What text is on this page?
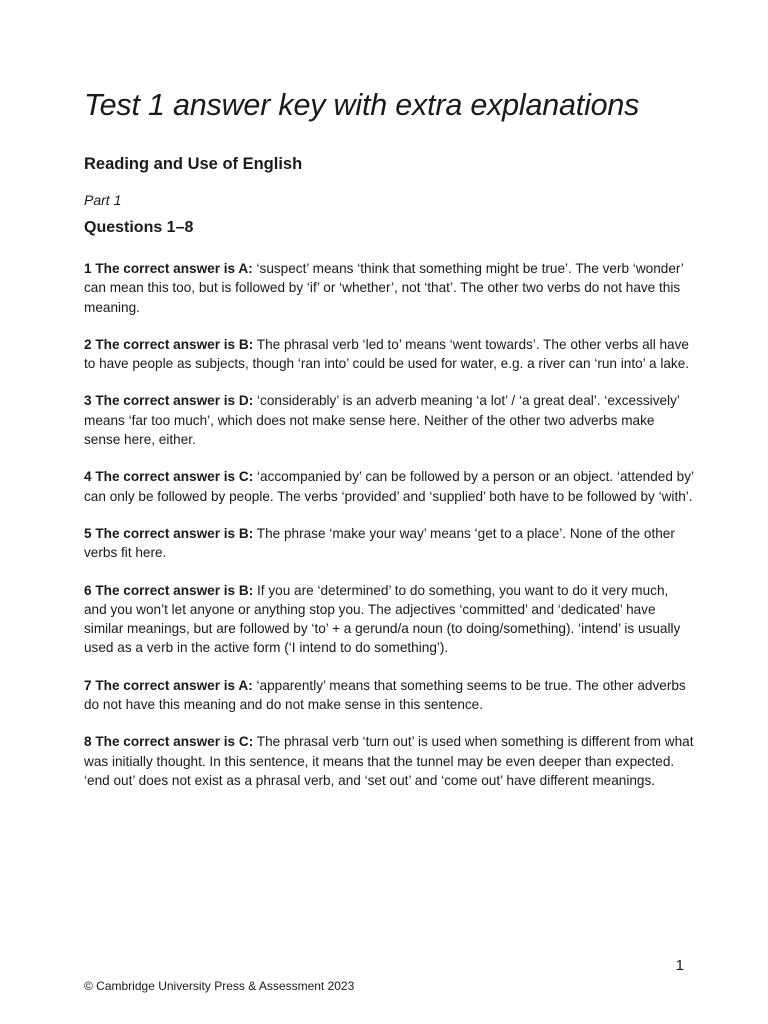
Test 1 answer key with extra explanations
Reading and Use of English

Part 1

Questions 1–8
1 The correct answer is A: ‘suspect’ means ‘think that something might be true’. The verb ‘wonder’ can mean this too, but is followed by ‘if’ or ‘whether’, not ‘that’. The other two verbs do not have this meaning.
2 The correct answer is B: The phrasal verb ‘led to’ means ‘went towards’. The other verbs all have to have people as subjects, though ‘ran into’ could be used for water, e.g. a river can ‘run into’ a lake.
3 The correct answer is D: ‘considerably’ is an adverb meaning ‘a lot’ / ‘a great deal’. ‘excessively’ means ‘far too much’, which does not make sense here. Neither of the other two adverbs make sense here, either.
4 The correct answer is C: ‘accompanied by’ can be followed by a person or an object. ‘attended by’ can only be followed by people. The verbs ‘provided’ and ‘supplied’ both have to be followed by ‘with’.
5 The correct answer is B: The phrase ‘make your way’ means ‘get to a place’. None of the other verbs fit here.
6 The correct answer is B: If you are ‘determined’ to do something, you want to do it very much, and you won’t let anyone or anything stop you. The adjectives ‘committed’ and ‘dedicated’ have similar meanings, but are followed by ‘to’ + a gerund/a noun (to doing/something). ‘intend’ is usually used as a verb in the active form (‘I intend to do something’).
7 The correct answer is A: ‘apparently’ means that something seems to be true. The other adverbs do not have this meaning and do not make sense in this sentence.
8 The correct answer is C: The phrasal verb ‘turn out’ is used when something is different from what was initially thought. In this sentence, it means that the tunnel may be even deeper than expected. ‘end out’ does not exist as a phrasal verb, and ‘set out’ and ‘come out’ have different meanings.

1

© Cambridge University Press & Assessment 2023
